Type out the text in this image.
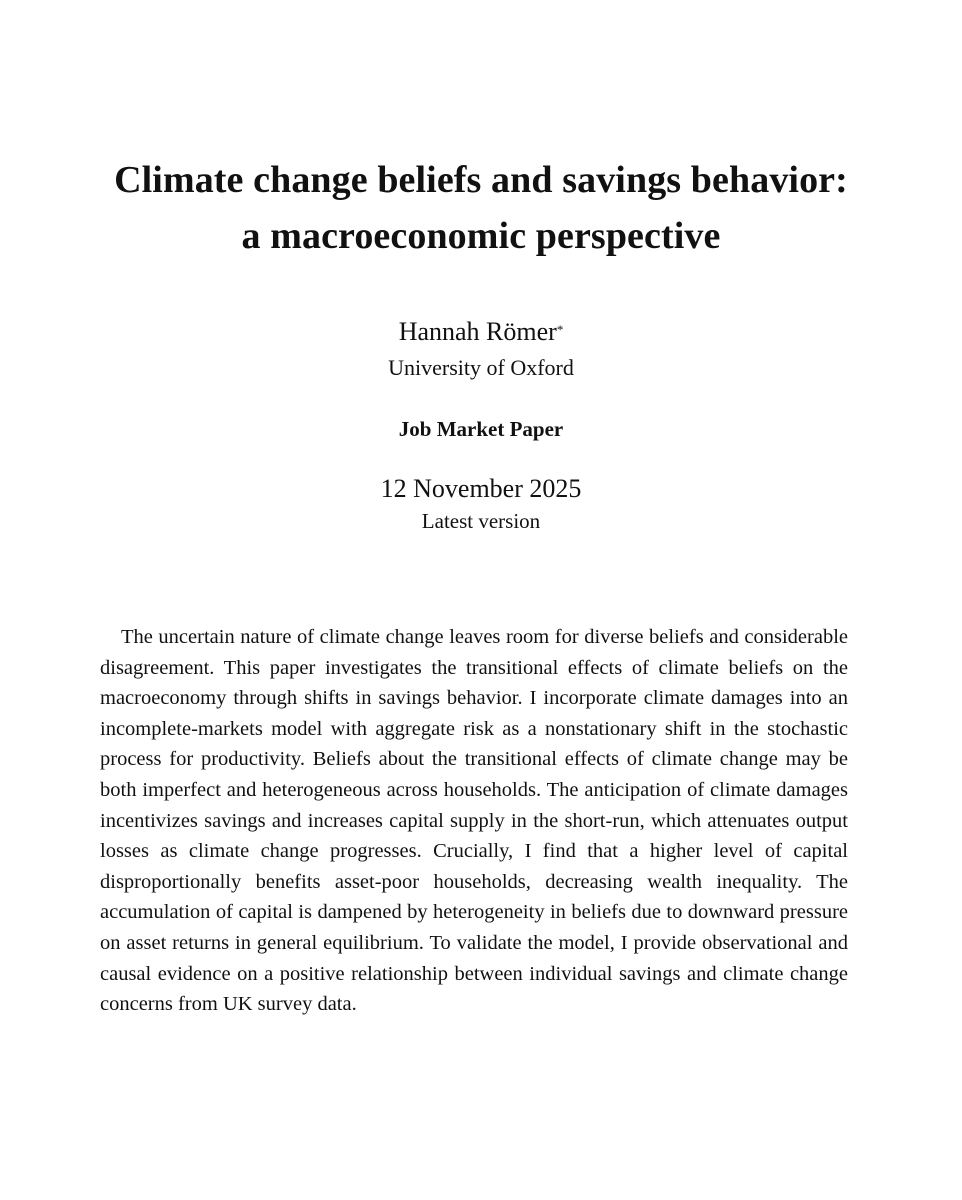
Climate change beliefs and savings behavior:
a macroeconomic perspective
Hannah Römer*
University of Oxford
Job Market Paper
12 November 2025
Latest version

The uncertain nature of climate change leaves room for diverse beliefs and considerable disagreement. This paper investigates the transitional effects of climate beliefs on the macroeconomy through shifts in savings behavior. I incorporate climate damages into an incomplete-markets model with aggregate risk as a nonstationary shift in the stochastic process for productivity. Beliefs about the transitional effects of climate change may be both imperfect and heterogeneous across households. The anticipation of climate damages incentivizes savings and increases capital supply in the short-run, which attenuates output losses as climate change progresses. Crucially, I find that a higher level of capital disproportionally benefits asset-poor households, decreasing wealth inequality. The accumulation of capital is dampened by heterogeneity in beliefs due to downward pressure on asset returns in general equilibrium. To validate the model, I provide observational and causal evidence on a positive relationship between individual savings and climate change concerns from UK survey data.
